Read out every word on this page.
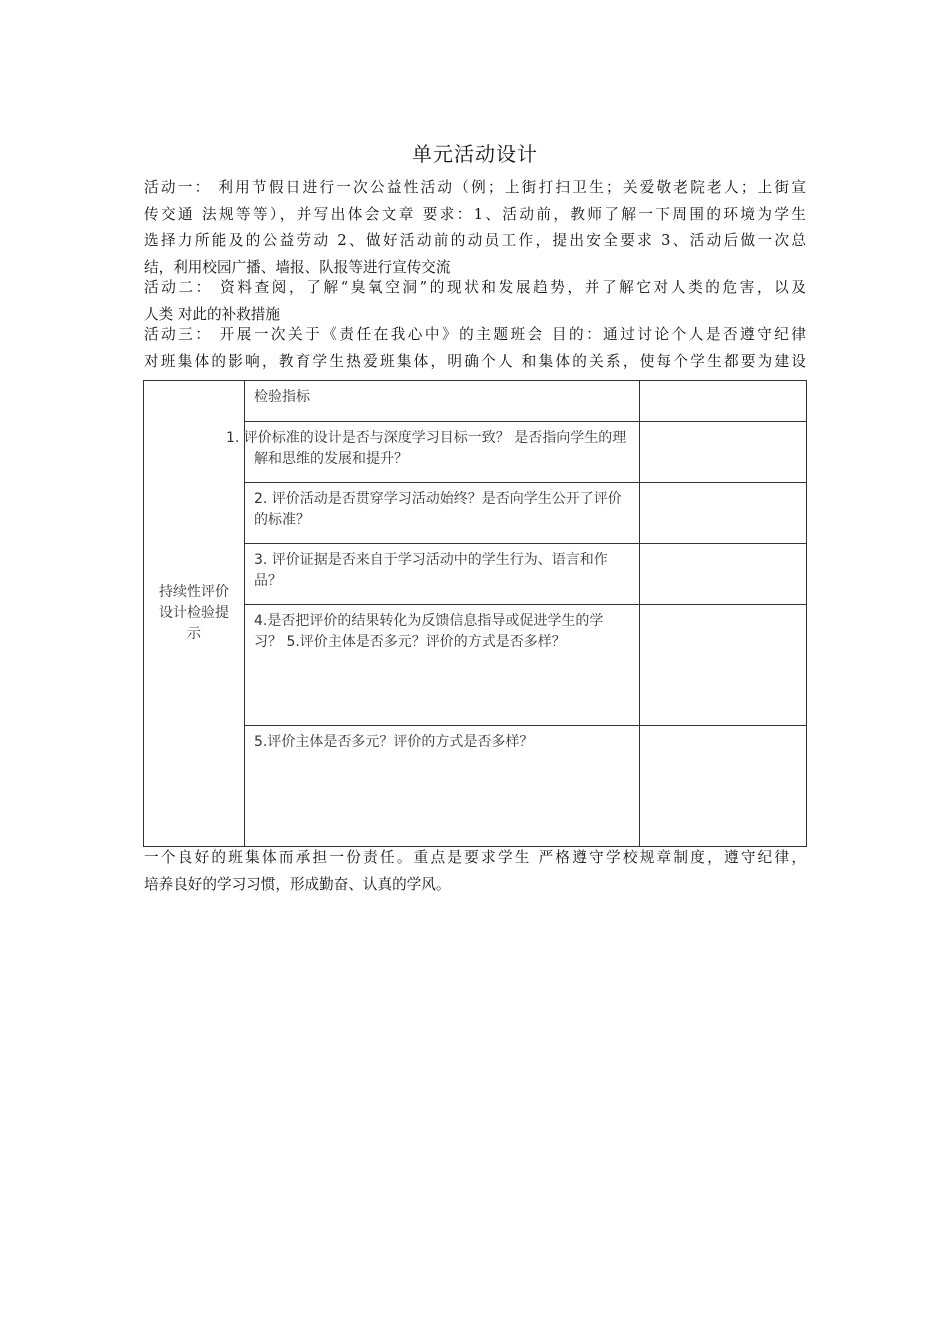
单元活动设计
活动一： 利用节假日进行一次公益性活动（例；上街打扫卫生；关爱敬老院老人；上街宣
传交通 法规等等），并写出体会文章 要求：1、活动前，教师了解一下周围的环境为学生
选择力所能及的公益劳动 2、做好活动前的动员工作，提出安全要求 3、活动后做一次总
结，利用校园广播、墙报、队报等进行宣传交流
活动二： 资料查阅，了解“臭氧空洞”的现状和发展趋势，并了解它对人类的危害，以及
人类 对此的补救措施
活动三： 开展一次关于《责任在我心中》的主题班会 目的：通过讨论个人是否遵守纪律
对班集体的影响，教育学生热爱班集体，明确个人 和集体的关系，使每个学生都要为建设
持续性评价设计检验提示	检验指标	
	1. 评价标准的设计是否与深度学习目标一致？ 是否指向学生的理解和思维的发展和提升？	
	2. 评价活动是否贯穿学习活动始终？是否向学生公开了评价的标准？	
	3. 评价证据是否来自于学习活动中的学生行为、语言和作品？	
	4.是否把评价的结果转化为反馈信息指导或促进学生的学习？ 5.评价主体是否多元？评价的方式是否多样？	
	5.评价主体是否多元？评价的方式是否多样？	
一个良好的班集体而承担一份责任。重点是要求学生 严格遵守学校规章制度，遵守纪律，
培养良好的学习习惯，形成勤奋、认真的学风。
